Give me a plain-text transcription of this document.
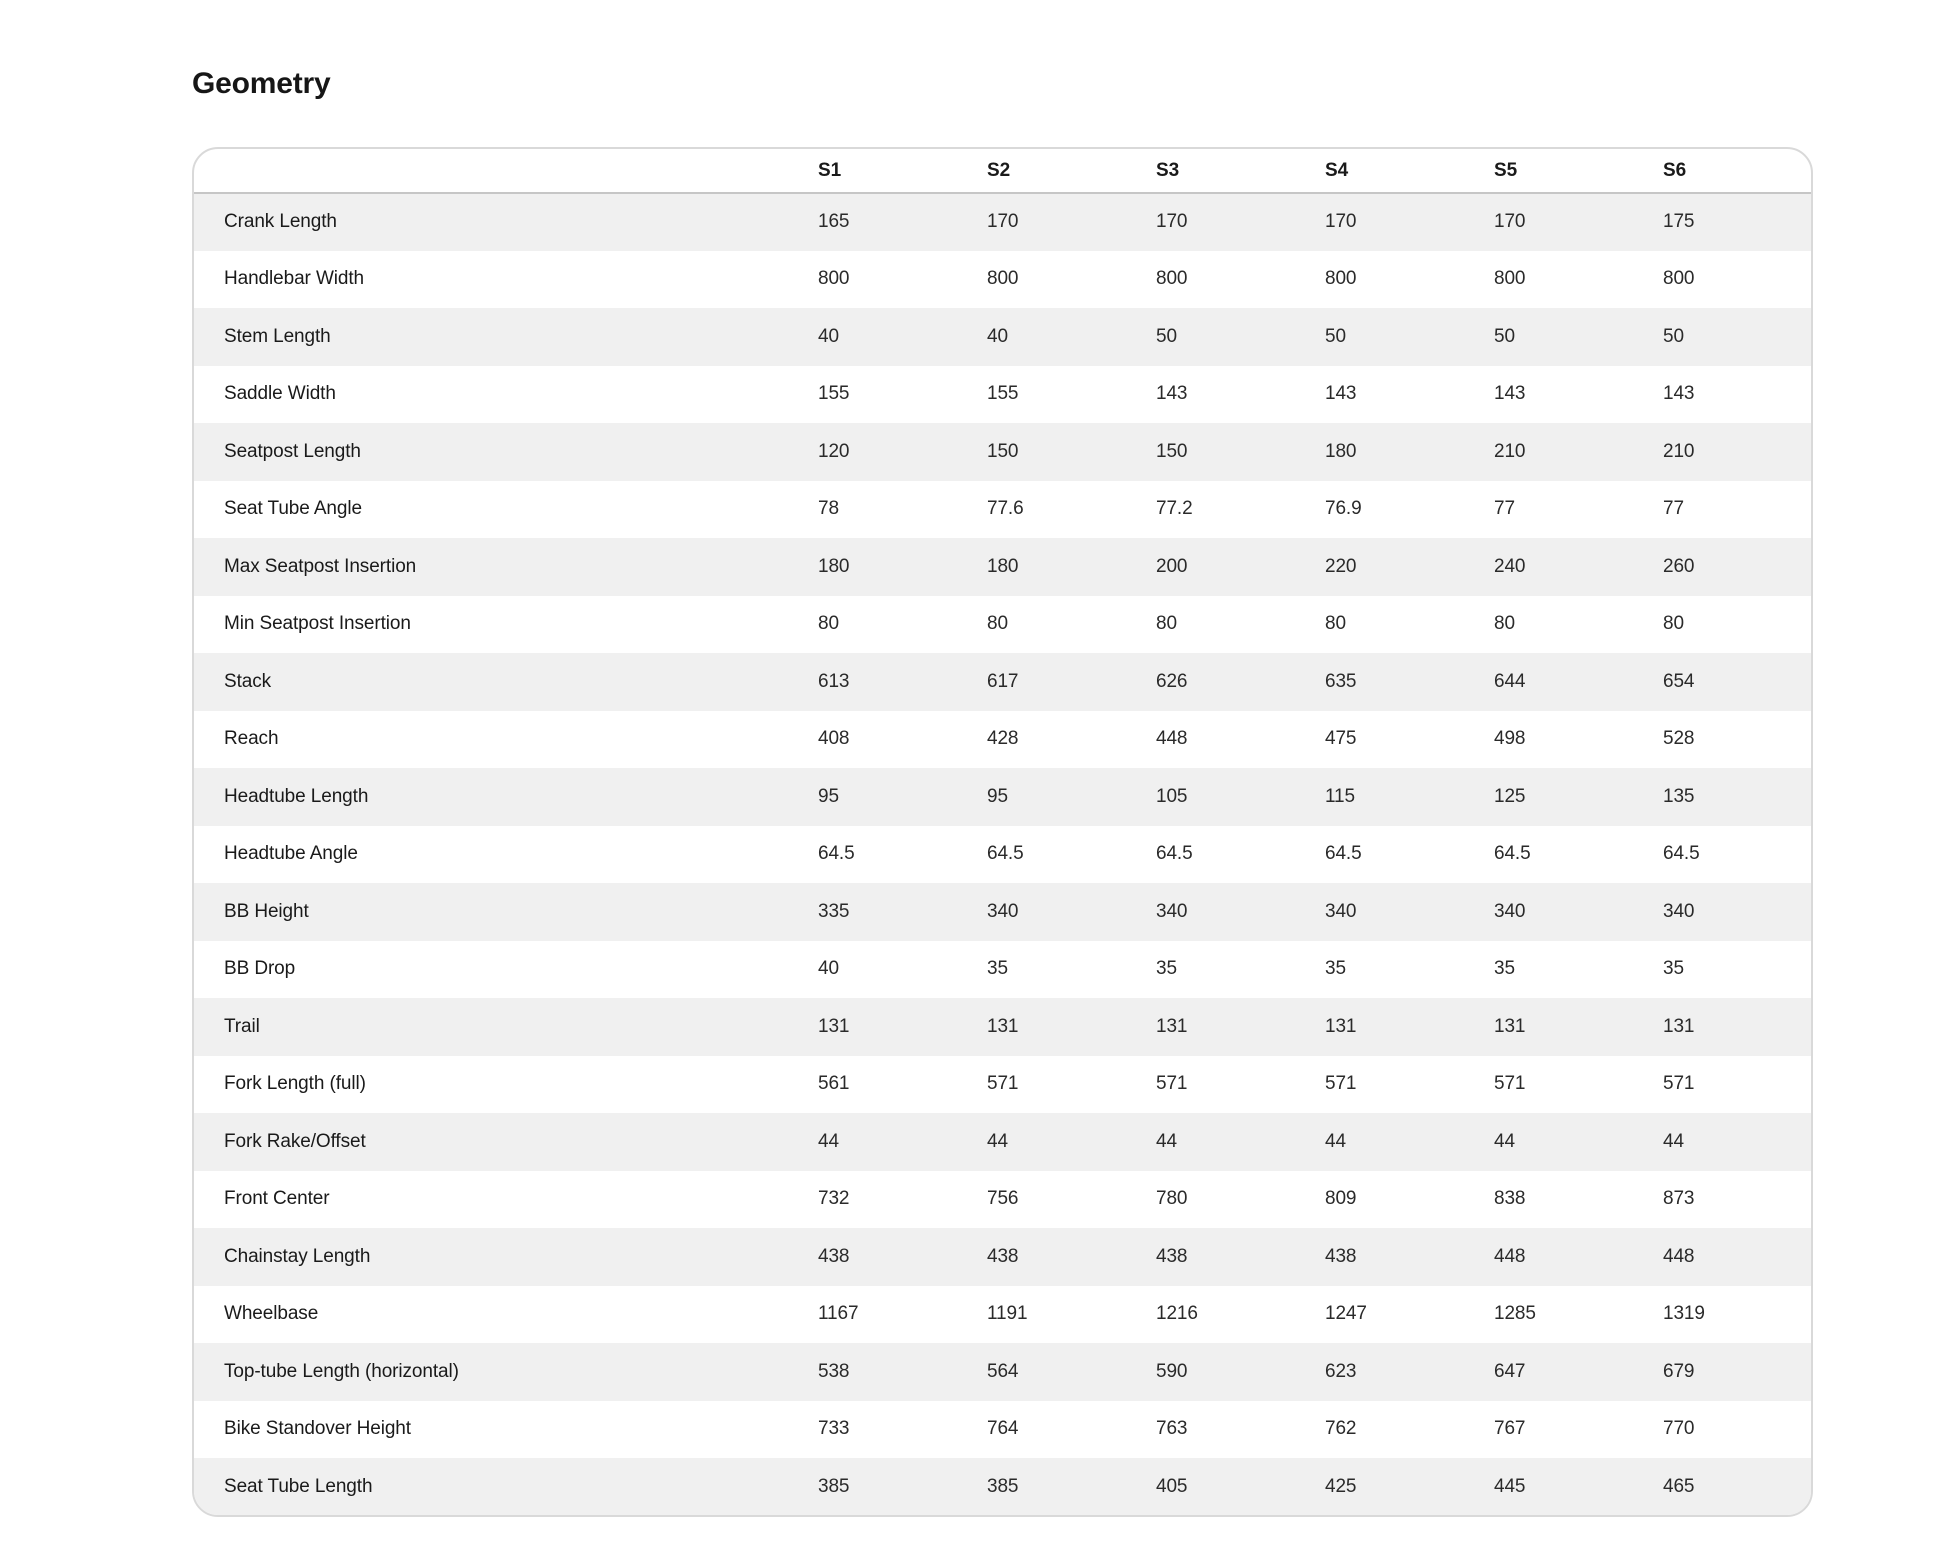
Geometry
	S1	S2	S3	S4	S5	S6
Crank Length	165	170	170	170	170	175
Handlebar Width	800	800	800	800	800	800
Stem Length	40	40	50	50	50	50
Saddle Width	155	155	143	143	143	143
Seatpost Length	120	150	150	180	210	210
Seat Tube Angle	78	77.6	77.2	76.9	77	77
Max Seatpost Insertion	180	180	200	220	240	260
Min Seatpost Insertion	80	80	80	80	80	80
Stack	613	617	626	635	644	654
Reach	408	428	448	475	498	528
Headtube Length	95	95	105	115	125	135
Headtube Angle	64.5	64.5	64.5	64.5	64.5	64.5
BB Height	335	340	340	340	340	340
BB Drop	40	35	35	35	35	35
Trail	131	131	131	131	131	131
Fork Length (full)	561	571	571	571	571	571
Fork Rake/Offset	44	44	44	44	44	44
Front Center	732	756	780	809	838	873
Chainstay Length	438	438	438	438	448	448
Wheelbase	1167	1191	1216	1247	1285	1319
Top-tube Length (horizontal)	538	564	590	623	647	679
Bike Standover Height	733	764	763	762	767	770
Seat Tube Length	385	385	405	425	445	465
